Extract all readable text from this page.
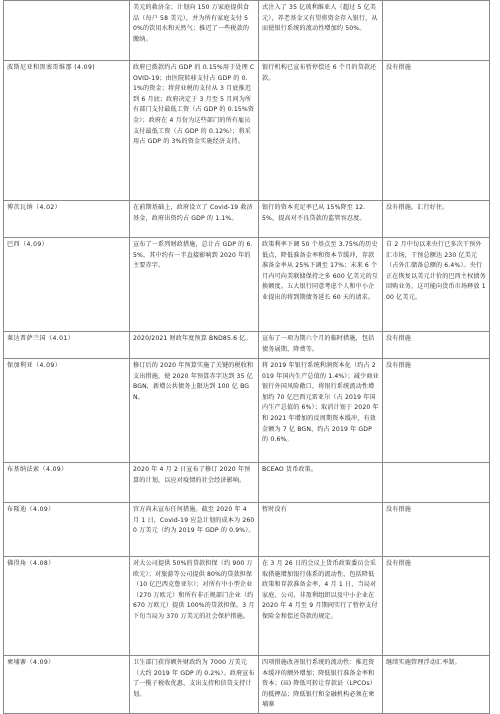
	美元的救济金；计划向 150 万家庭提供食品（每户 58 美元），并为所有家庭支付 50%的饮用水和天然气；推迟了一些税款的缴纳。	式注入了 35 亿玻利维亚人（超过 5 亿美元），养老基金又有望将资金存入银行，从而使银行系统的流动性增加约 50%。	

波斯尼亚和黑塞哥维那 (4.09)	政府已拨款约占 GDP 的 0.15%用于处理 COVID-19；由医院转移支付占 GDP 的 0.1%的资金；将营业税的支付从 3 月底推迟到 6 月底；政府决定于 3 月至 5 月间为所有部门支付最低工资（占 GDP 的 0.15%资金）；政府在 4 月份为这些部门的所有雇员支付最低工资（占 GDP 的 0.12%）；将采用占 GDP 的 3%的资金实施经济支持。	银行机构已宣布暂停偿还 6 个月的贷款还款。	没有措施

博茨瓦纳（4.02）	在前期基础上，政府设立了 Covid-19 救济基金，政府出资约占 GDP 的 1.1%。	银行的资本充足率已从 15%降至 12.5%，提高对不良贷款的监管容忍度。	没有措施。汇行好住。

巴西（4.09）	宣布了一系列财政措施，总计占 GDP 的 6.5%，其中约有一半直接影响到 2020 年的主要赤字。	政策利率下调 50 个基点至 3.75%的历史低点，降低准备金率和资本节缓冲，存款准备金率从 25%下调至 17%；未来 6 个月内可向美联储保持之多 600 亿美元的互换额度。五大银行同意考虑个人和中小企业提出的将到期债务延长 60 天的请求。	自 2 月中旬以来央行已多次干预外汇市场，干预总额达 230 亿美元（占外汇储备总额的 6.4%）。央行正在恢复以美元计价的巴西主权债务回购业务，这可能向货币市场释放 100 亿美元。

莱达普萨兰国（4.01）	2020/2021 财政年度预算 BND85.6 亿。	宣布了一项为期六个月的临时措施，包括债务展期、降费等。	没有措施

保加利亚（4.09）	修订后的 2020 年预算实施了关键的税收和支出措施，使 2020 年预算赤字达到 35 亿 BGN，新增公共债务上限达到 100 亿 BGN。	将 2019 年银行系统利润资本化（约占 2019 年国内生产总值的 1.4%）；减少商业银行外国风险敞口，将银行系统流动性增加约 70 亿巴西元雷亚尔（占 2019 年国内生产总值的 6%）；取消计划于 2020 年和 2021 年增加的反周期资本缓冲，有效金额为 7 亿 BGN，约占 2019 年 GDP 的 0.6%。	没有措施

布基纳法索（4.09）	2020 年 4 月 2 日宣布了修订 2020 年预算的计划，以应对疫情的社会经济影响。	BCEAO 货币政策。	

布隆迪（4.09）	官方尚未宣布任何措施。截至 2020 年 4 月 1 日，Covid-19 应急计划的成本为 2600 万美元（约为 2019 年 GDP 的 0.9%）。	暂时没有	没有措施

佛得角（4.08）	对大公司提供 50%的贷款担保（约 900 万欧元）；对旅游等公司提供 80%的贷款担保（10 亿巴西克鲁亚尔）；对所有中小型企业（270 万欧元）和所有非正规部门企业（约 670 万欧元）提供 100%的贷款担保。3 月下旬当局为 370 万美元的社会保护措施。	在 3 月 26 日的会议上货币政策委员会采取措施增加银行体系的流动性，包括降低政策和存款准备金率，4 月 1 日，当局对家庭、公司、非盈利组织以及中小企业在 2020 年 4 月至 9 月期间实行了暂停支付保险金和偿还贷款的规定。	没有措施

柬埔寨（4.09）	卫生部门获得额外财政约为 7000 万美元（大约 2019 年 GDP 的 0.2%）。政府宣布了一揽子税收优惠、支出支持和信贷支持计划。	四项措施改善银行系统的流动性：推迟资本缓冲的额外增加；降低银行准备金率和资本；(iii) 降低可转让存款证（LPCOs）的抵押品；降低银行和金融机构必须在柬埔寨	继续实施管理浮动汇率制。
